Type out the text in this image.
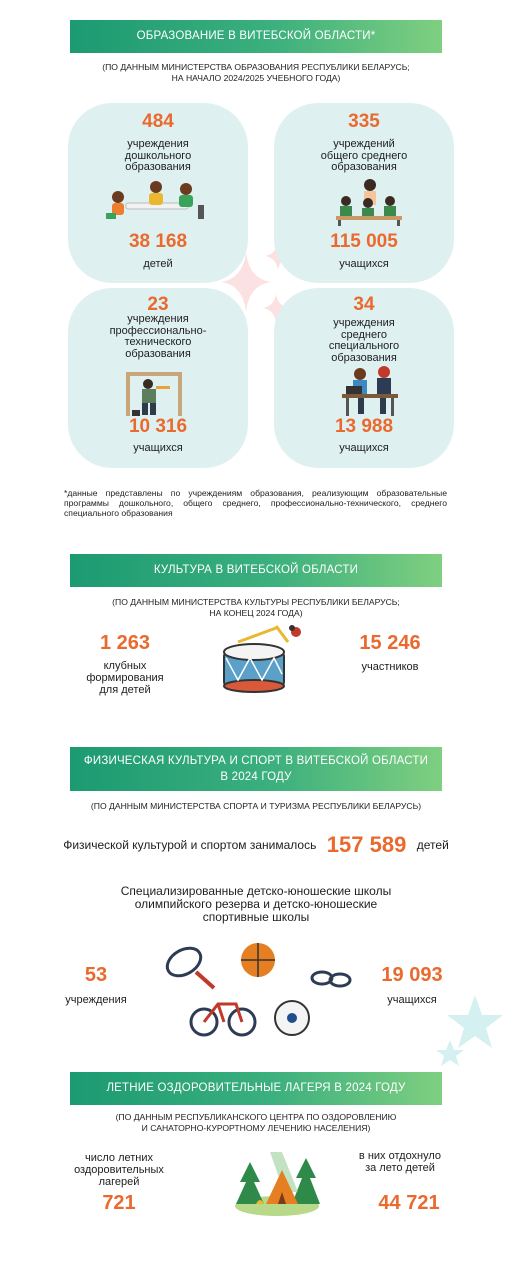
ОБРАЗОВАНИЕ В ВИТЕБСКОЙ ОБЛАСТИ*
(ПО ДАННЫМ МИНИСТЕРСТВА ОБРАЗОВАНИЯ РЕСПУБЛИКИ БЕЛАРУСЬ;
НА НАЧАЛО 2024/2025 УЧЕБНОГО ГОДА)
484
учреждения
дошкольного
образования
38 168
детей
335
учреждений
общего среднего
образования
115 005
учащихся
23
учреждения
профессионально-
технического
образования
10 316
учащихся
34
учреждения
среднего
специального
образования
13 988
учащихся
*данные представлены по учреждениям образования, реализующим образовательные программы дошкольного, общего среднего, профессионально-технического, среднего специального образования
КУЛЬТУРА В ВИТЕБСКОЙ ОБЛАСТИ
(ПО ДАННЫМ МИНИСТЕРСТВА КУЛЬТУРЫ РЕСПУБЛИКИ БЕЛАРУСЬ;
НА КОНЕЦ 2024 ГОДА)
1 263
клубных
формирования
для детей
15 246
участников
ФИЗИЧЕСКАЯ КУЛЬТУРА И СПОРТ В ВИТЕБСКОЙ ОБЛАСТИ
В 2024 ГОДУ
(ПО ДАННЫМ МИНИСТЕРСТВА СПОРТА И ТУРИЗМА РЕСПУБЛИКИ БЕЛАРУСЬ)
Физической культурой и спортом занималось 157 589 детей
Специализированные детско-юношеские школы
олимпийского резерва и детско-юношеские
спортивные школы
53
учреждения
19 093
учащихся
ЛЕТНИЕ ОЗДОРОВИТЕЛЬНЫЕ ЛАГЕРЯ В 2024 ГОДУ
(ПО ДАННЫМ РЕСПУБЛИКАНСКОГО ЦЕНТРА ПО ОЗДОРОВЛЕНИЮ
И САНАТОРНО-КУРОРТНОМУ ЛЕЧЕНИЮ НАСЕЛЕНИЯ)
число летних
оздоровительных
лагерей
721
в них отдохнуло
за лето детей
44 721
